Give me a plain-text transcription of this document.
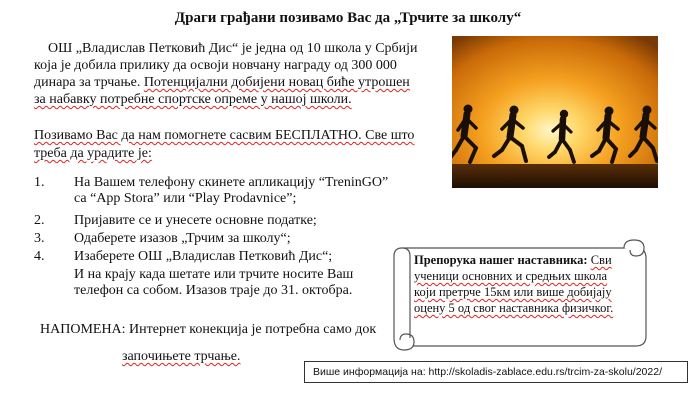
Драги грађани позивамо Вас да „Трчите за школу“
ОШ „Владислав Петковић Дис“ је једна од 10 школа у Србији која је добила прилику да освоји новчану награду од 300 000 динара за трчање. Потенцијални добијени новац биће утрошен за набавку потребне спортске опреме у нашој школи.
Позивамо Вас да нам помогнете сасвим БЕСПЛАТНО. Све што треба да урадите је:
1.	На Вашем телефону скинете апликацију “TreninGO” са “App Stora” или “Play Prodavnice”;
2.	Пријавите се и унесете основне податке;
3.	Одаберете изазов „Трчим за школу“;
4.	Изаберете ОШ „Владислав Петковић Дис“;
И на крају када шетате или трчите носите Ваш телефон са собом. Изазов траје до 31. октобра.
НАПОМЕНА: Интернет конекција је потребна само док
започињете трчање.
Препорука нашег наставника: Сви ученици основних и средњих школа који претрче 15км или више добијају оцену 5 од свог наставника физичког.
Више информација на: http://skoladis-zablace.edu.rs/trcim-za-skolu/2022/
